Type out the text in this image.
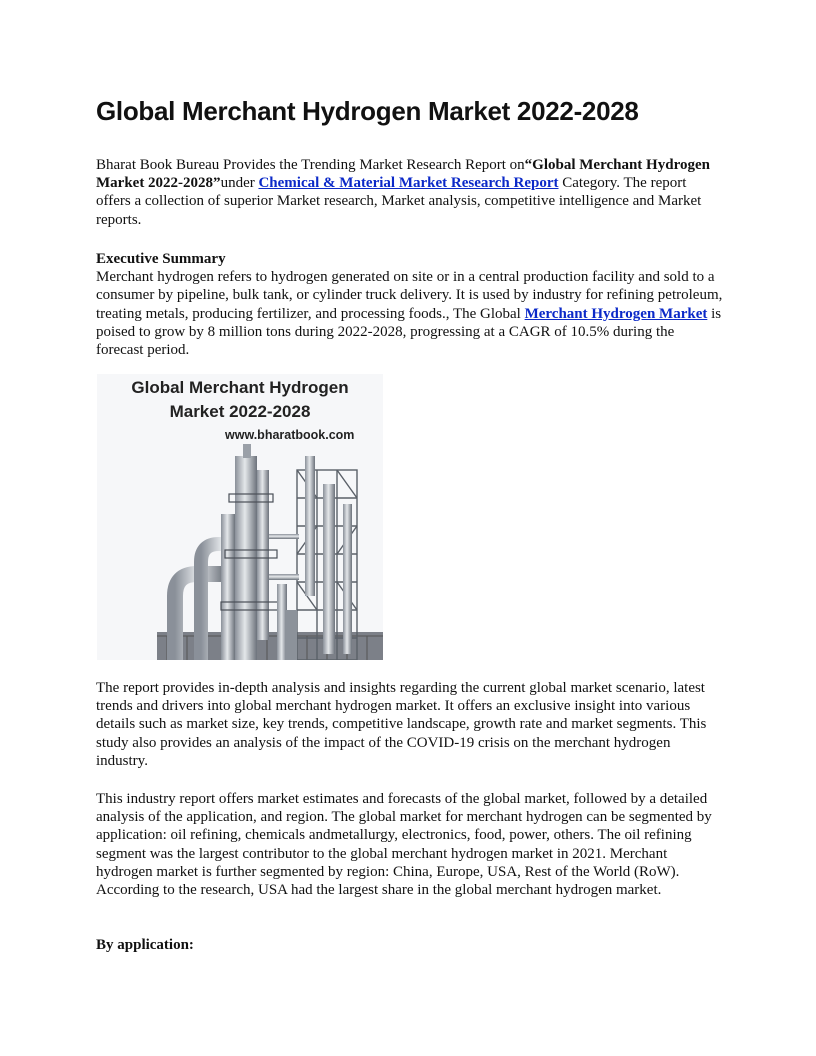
Global Merchant Hydrogen Market 2022-2028

Bharat Book Bureau Provides the Trending Market Research Report on“Global Merchant Hydrogen Market 2022-2028”under Chemical & Material Market Research Report Category. The report offers a collection of superior Market research, Market analysis, competitive intelligence and Market reports.

Executive Summary
Merchant hydrogen refers to hydrogen generated on site or in a central production facility and sold to a consumer by pipeline, bulk tank, or cylinder truck delivery. It is used by industry for refining petroleum, treating metals, producing fertilizer, and processing foods., The Global Merchant Hydrogen Market is poised to grow by 8 million tons during 2022-2028, progressing at a CAGR of 10.5% during the forecast period.

Global Merchant Hydrogen
Market 2022-2028
www.bharatbook.com

The report provides in-depth analysis and insights regarding the current global market scenario, latest trends and drivers into global merchant hydrogen market. It offers an exclusive insight into various details such as market size, key trends, competitive landscape, growth rate and market segments. This study also provides an analysis of the impact of the COVID-19 crisis on the merchant hydrogen industry.

This industry report offers market estimates and forecasts of the global market, followed by a detailed analysis of the application, and region. The global market for merchant hydrogen can be segmented by application: oil refining, chemicals andmetallurgy, electronics, food, power, others. The oil refining segment was the largest contributor to the global merchant hydrogen market in 2021. Merchant hydrogen market is further segmented by region: China, Europe, USA, Rest of the World (RoW). According to the research, USA had the largest share in the global merchant hydrogen market.

By application:
